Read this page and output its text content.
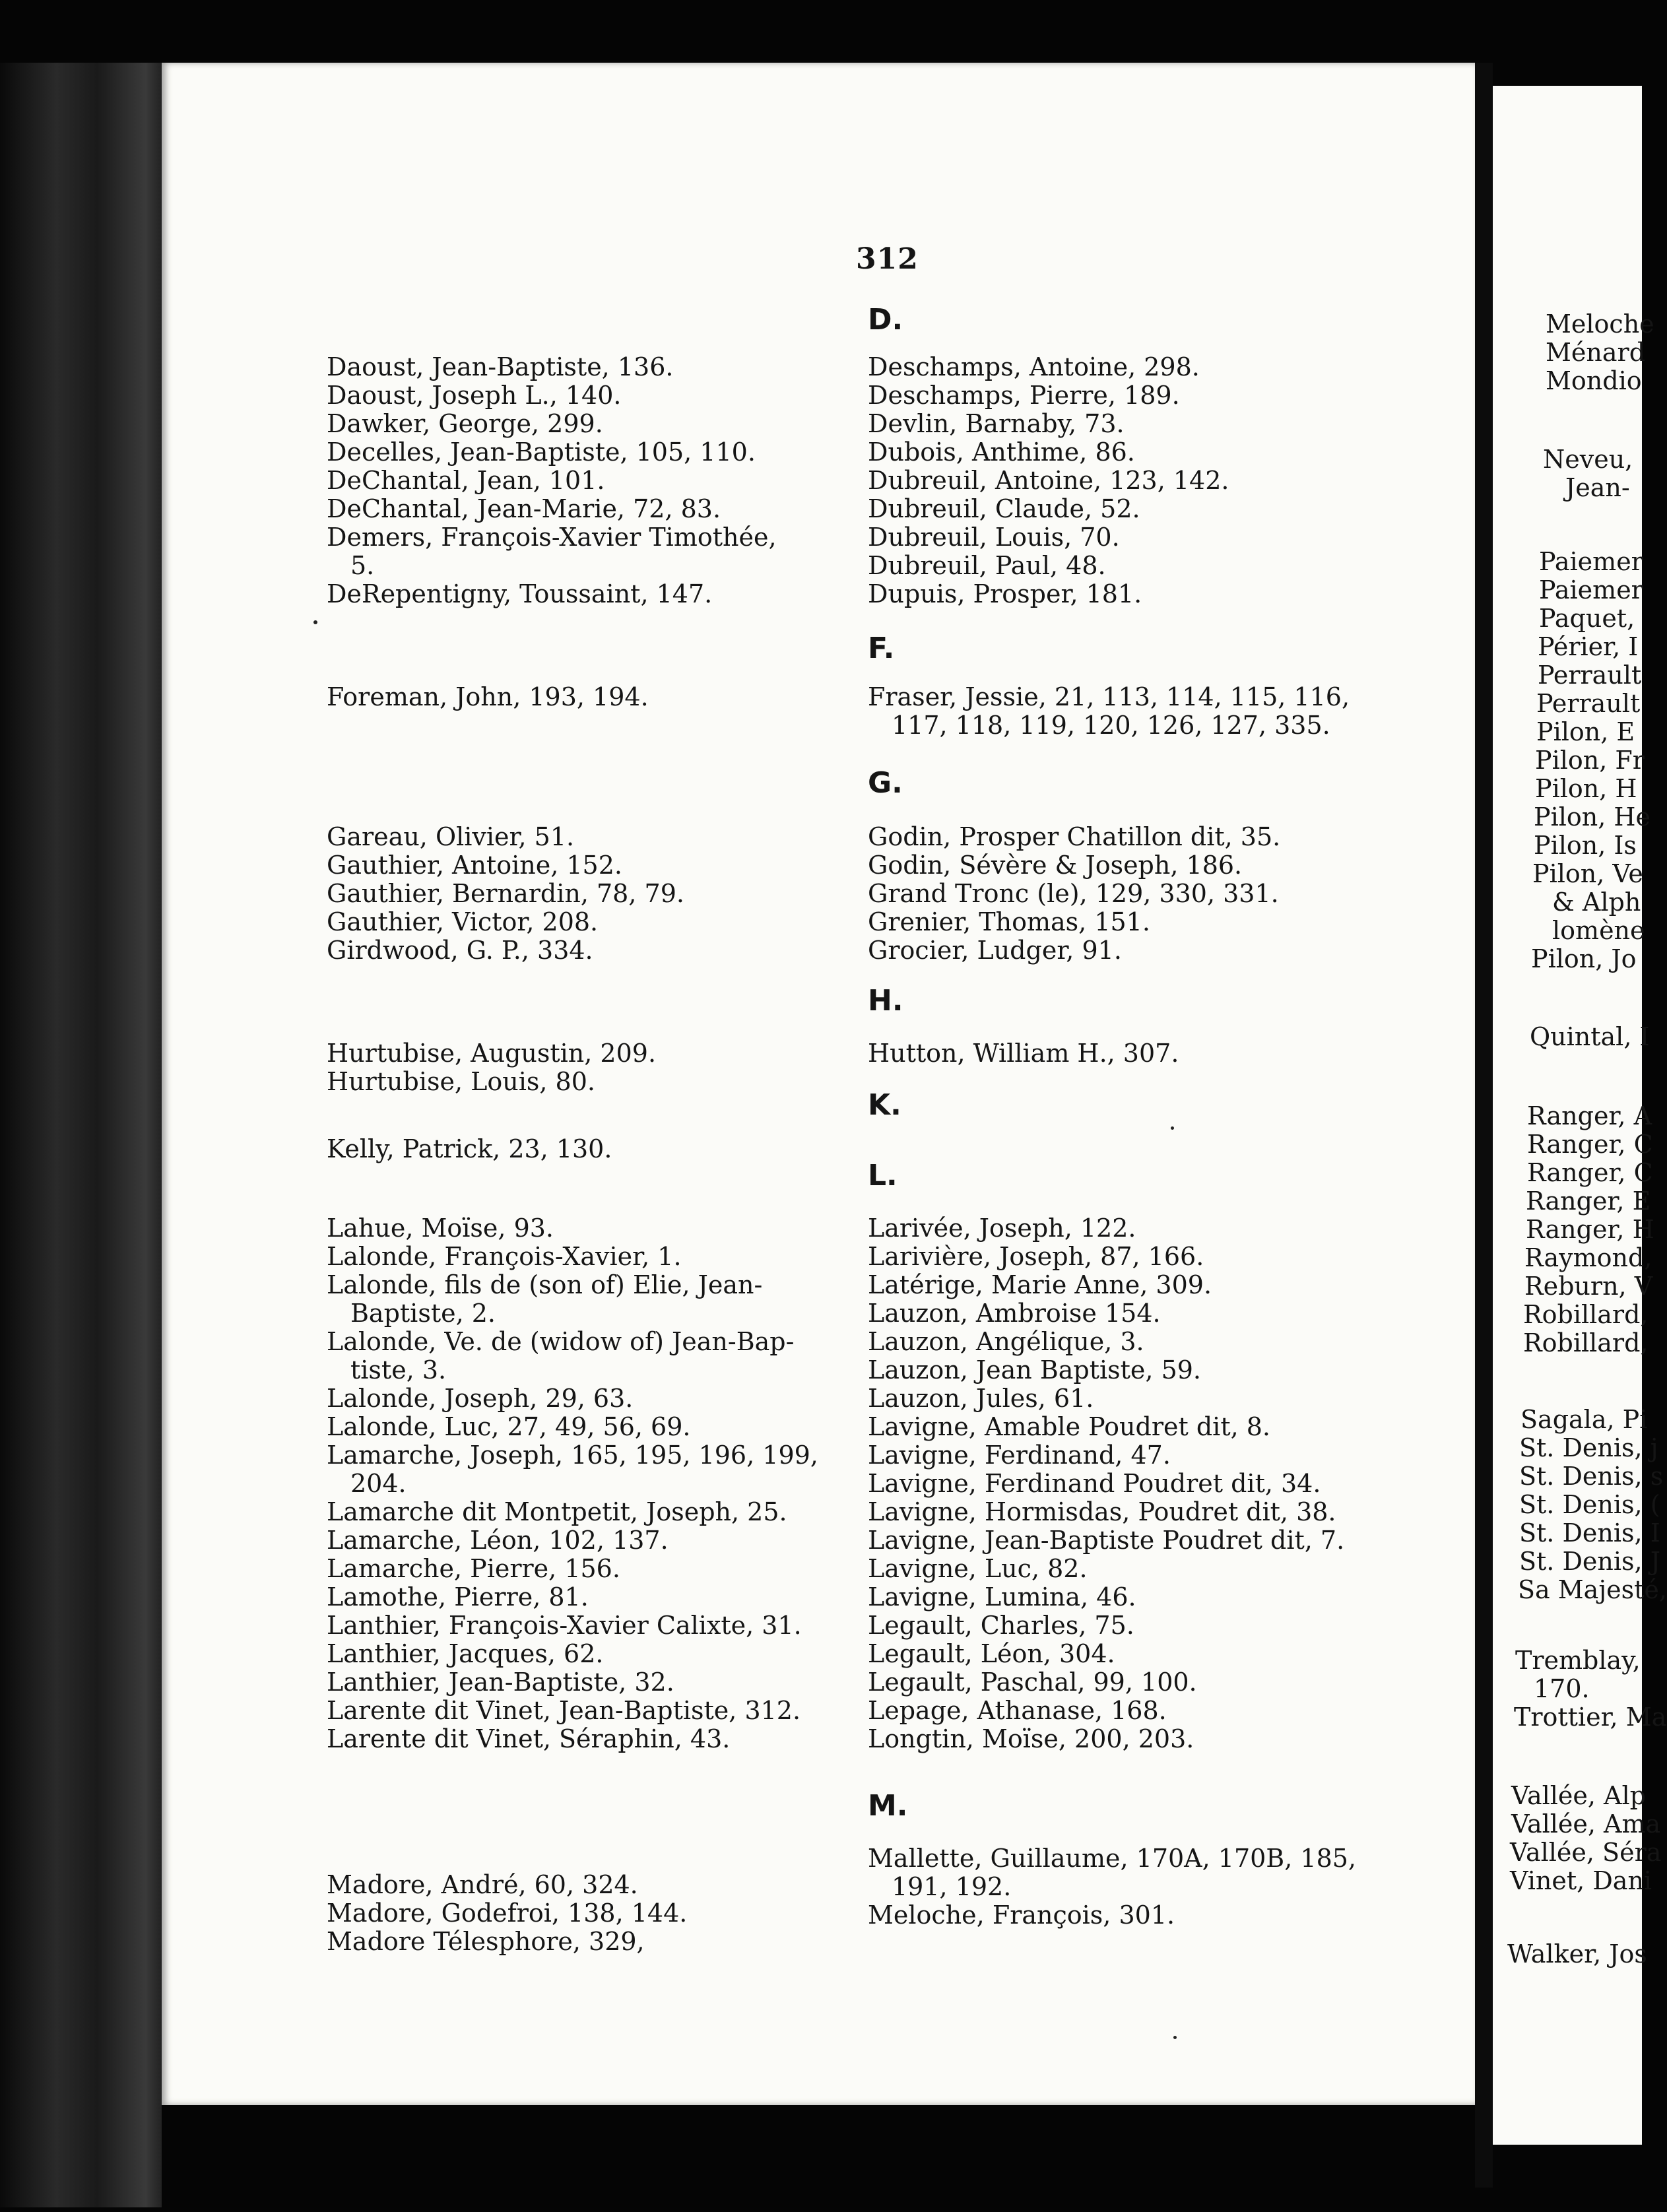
312
Daoust, Jean-Baptiste, 136.
Daoust, Joseph L., 140.
Dawker, George, 299.
Decelles, Jean-Baptiste, 105, 110.
DeChantal, Jean, 101.
DeChantal, Jean-Marie, 72, 83.
Demers, François-Xavier Timothée,
5.
DeRepentigny, Toussaint, 147.
Foreman, John, 193, 194.
Gareau, Olivier, 51.
Gauthier, Antoine, 152.
Gauthier, Bernardin, 78, 79.
Gauthier, Victor, 208.
Girdwood, G. P., 334.
Hurtubise, Augustin, 209.
Hurtubise, Louis, 80.
Kelly, Patrick, 23, 130.
Lahue, Moïse, 93.
Lalonde, François-Xavier, 1.
Lalonde, fils de (son of) Elie, Jean-
Baptiste, 2.
Lalonde, Ve. de (widow of) Jean-Bap-
tiste, 3.
Lalonde, Joseph, 29, 63.
Lalonde, Luc, 27, 49, 56, 69.
Lamarche, Joseph, 165, 195, 196, 199,
204.
Lamarche dit Montpetit, Joseph, 25.
Lamarche, Léon, 102, 137.
Lamarche, Pierre, 156.
Lamothe, Pierre, 81.
Lanthier, François-Xavier Calixte, 31.
Lanthier, Jacques, 62.
Lanthier, Jean-Baptiste, 32.
Larente dit Vinet, Jean-Baptiste, 312.
Larente dit Vinet, Séraphin, 43.
Madore, André, 60, 324.
Madore, Godefroi, 138, 144.
Madore Télesphore, 329,
D.
Deschamps, Antoine, 298.
Deschamps, Pierre, 189.
Devlin, Barnaby, 73.
Dubois, Anthime, 86.
Dubreuil, Antoine, 123, 142.
Dubreuil, Claude, 52.
Dubreuil, Louis, 70.
Dubreuil, Paul, 48.
Dupuis, Prosper, 181.
F.
Fraser, Jessie, 21, 113, 114, 115, 116,
117, 118, 119, 120, 126, 127, 335.
G.
Godin, Prosper Chatillon dit, 35.
Godin, Sévère & Joseph, 186.
Grand Tronc (le), 129, 330, 331.
Grenier, Thomas, 151.
Grocier, Ludger, 91.
H.
Hutton, William H., 307.
K.
L.
Larivée, Joseph, 122.
Larivière, Joseph, 87, 166.
Latérige, Marie Anne, 309.
Lauzon, Ambroise 154.
Lauzon, Angélique, 3.
Lauzon, Jean Baptiste, 59.
Lauzon, Jules, 61.
Lavigne, Amable Poudret dit, 8.
Lavigne, Ferdinand, 47.
Lavigne, Ferdinand Poudret dit, 34.
Lavigne, Hormisdas, Poudret dit, 38.
Lavigne, Jean-Baptiste Poudret dit, 7.
Lavigne, Luc, 82.
Lavigne, Lumina, 46.
Legault, Charles, 75.
Legault, Léon, 304.
Legault, Paschal, 99, 100.
Lepage, Athanase, 168.
Longtin, Moïse, 200, 203.
M.
Mallette, Guillaume, 170A, 170B, 185,
191, 192.
Meloche, François, 301.
Meloche
Ménard
Mondio
Neveu,
Jean-
Paiemer
Paiemer
Paquet,
Périer, I
Perrault
Perrault
Pilon, E
Pilon, Fr
Pilon, H
Pilon, He
Pilon, Is
Pilon, Ve
& Alph
lomène
Pilon, Jo
Quintal, I
Ranger, A
Ranger, C
Ranger, C
Ranger, E
Ranger, H
Raymond,
Reburn, V
Robillard,
Robillard,
Sagala, Pi
St. Denis, j
St. Denis, s
St. Denis, (
St. Denis, I
St. Denis, J
Sa Majesté,
Tremblay,
170.
Trottier, Ma
Vallée, Alp
Vallée, Ama
Vallée, Séra
Vinet, Dani
Walker, Jos
